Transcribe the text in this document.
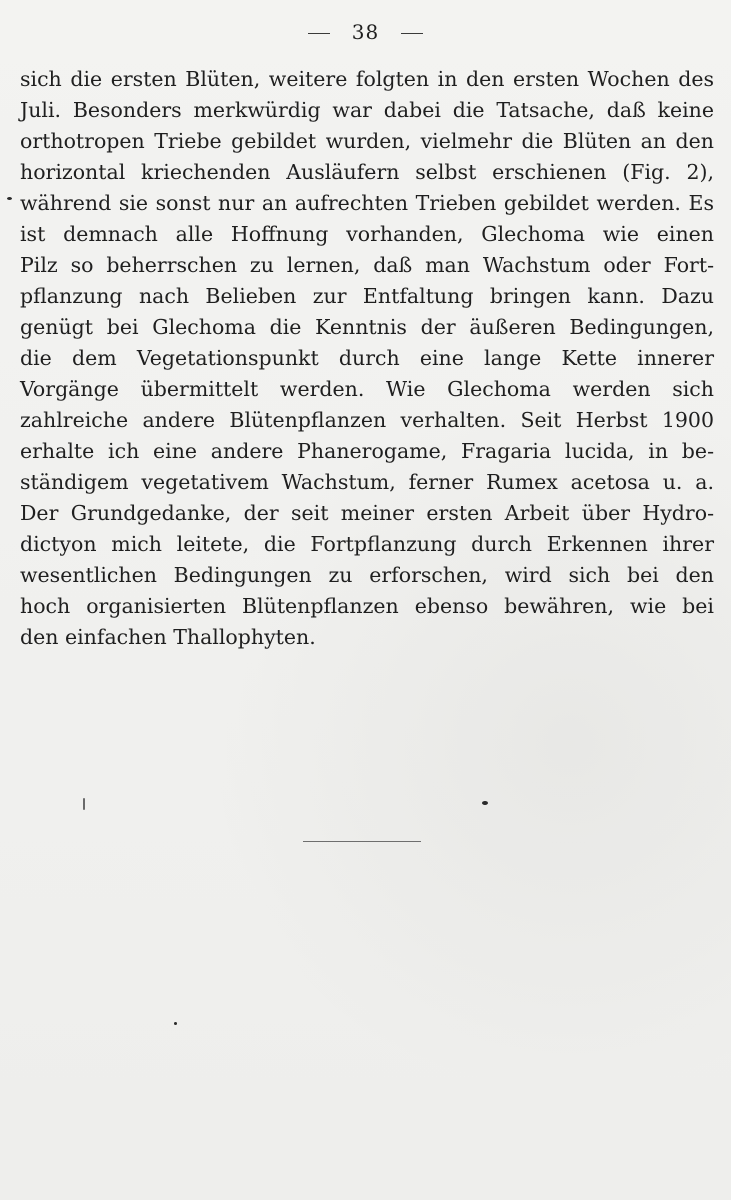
38
sich die ersten Blüten, weitere folgten in den ersten Wochen des
Juli. Besonders merkwürdig war dabei die Tatsache, daß keine
orthotropen Triebe gebildet wurden, vielmehr die Blüten an den
horizontal kriechenden Ausläufern selbst erschienen (Fig. 2),
während sie sonst nur an aufrechten Trieben gebildet werden. Es
ist demnach alle Hoffnung vorhanden, Glechoma wie einen
Pilz so beherrschen zu lernen, daß man Wachstum oder Fort-
pflanzung nach Belieben zur Entfaltung bringen kann. Dazu
genügt bei Glechoma die Kenntnis der äußeren Bedingungen,
die dem Vegetationspunkt durch eine lange Kette innerer
Vorgänge übermittelt werden. Wie Glechoma werden sich
zahlreiche andere Blütenpflanzen verhalten. Seit Herbst 1900
erhalte ich eine andere Phanerogame, Fragaria lucida, in be-
ständigem vegetativem Wachstum, ferner Rumex acetosa u. a.
Der Grundgedanke, der seit meiner ersten Arbeit über Hydro-
dictyon mich leitete, die Fortpflanzung durch Erkennen ihrer
wesentlichen Bedingungen zu erforschen, wird sich bei den
hoch organisierten Blütenpflanzen ebenso bewähren, wie bei
den einfachen Thallophyten.
